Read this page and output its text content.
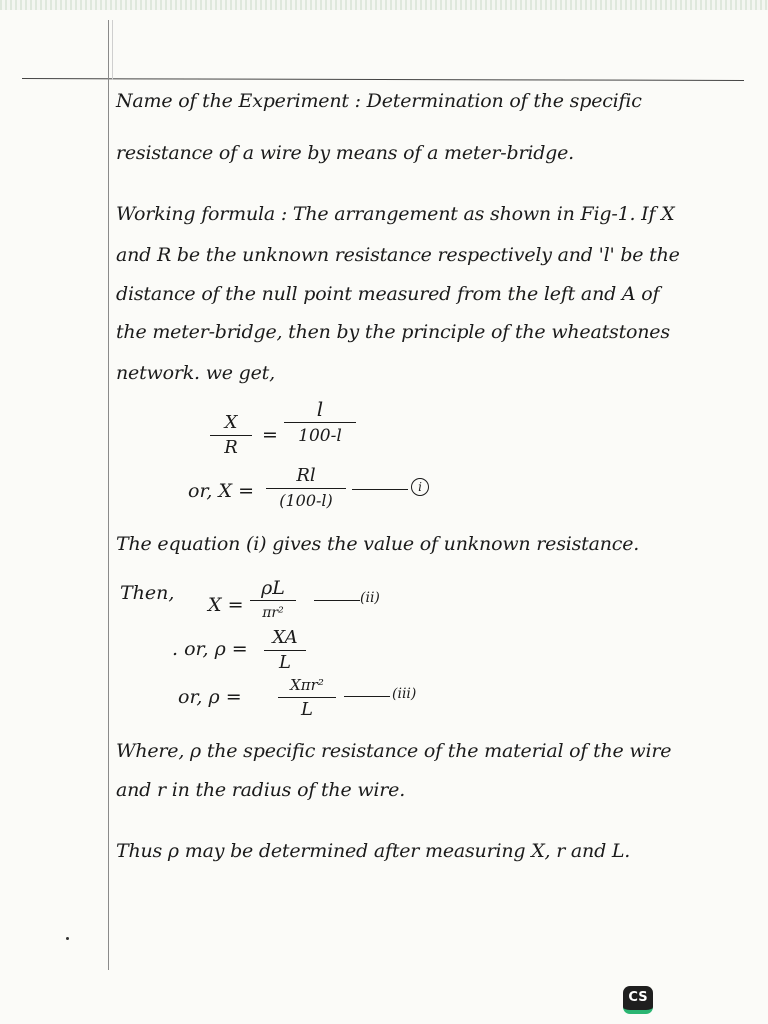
Name of the Experiment : Determination of the specific
resistance of a wire by means of a meter-bridge.
Working formula : The arrangement as shown in Fig-1. If X
and R be the unknown resistance respectively and 'l' be the
distance of the null point measured from the left and A of
the meter-bridge, then by the principle of the wheatstones
network. we get,
X
R
=
l
100-l
or, X =
Rl
(100-l)
i
The equation (i) gives the value of unknown resistance.
Then,
X =
ρL
πr²
(ii)
. or, ρ =
XA
L
or, ρ =
Xπr²
L
(iii)
Where, ρ the specific resistance of the material of the wire
and r in the radius of the wire.
Thus ρ may be determined after measuring X, r and L.
CS
